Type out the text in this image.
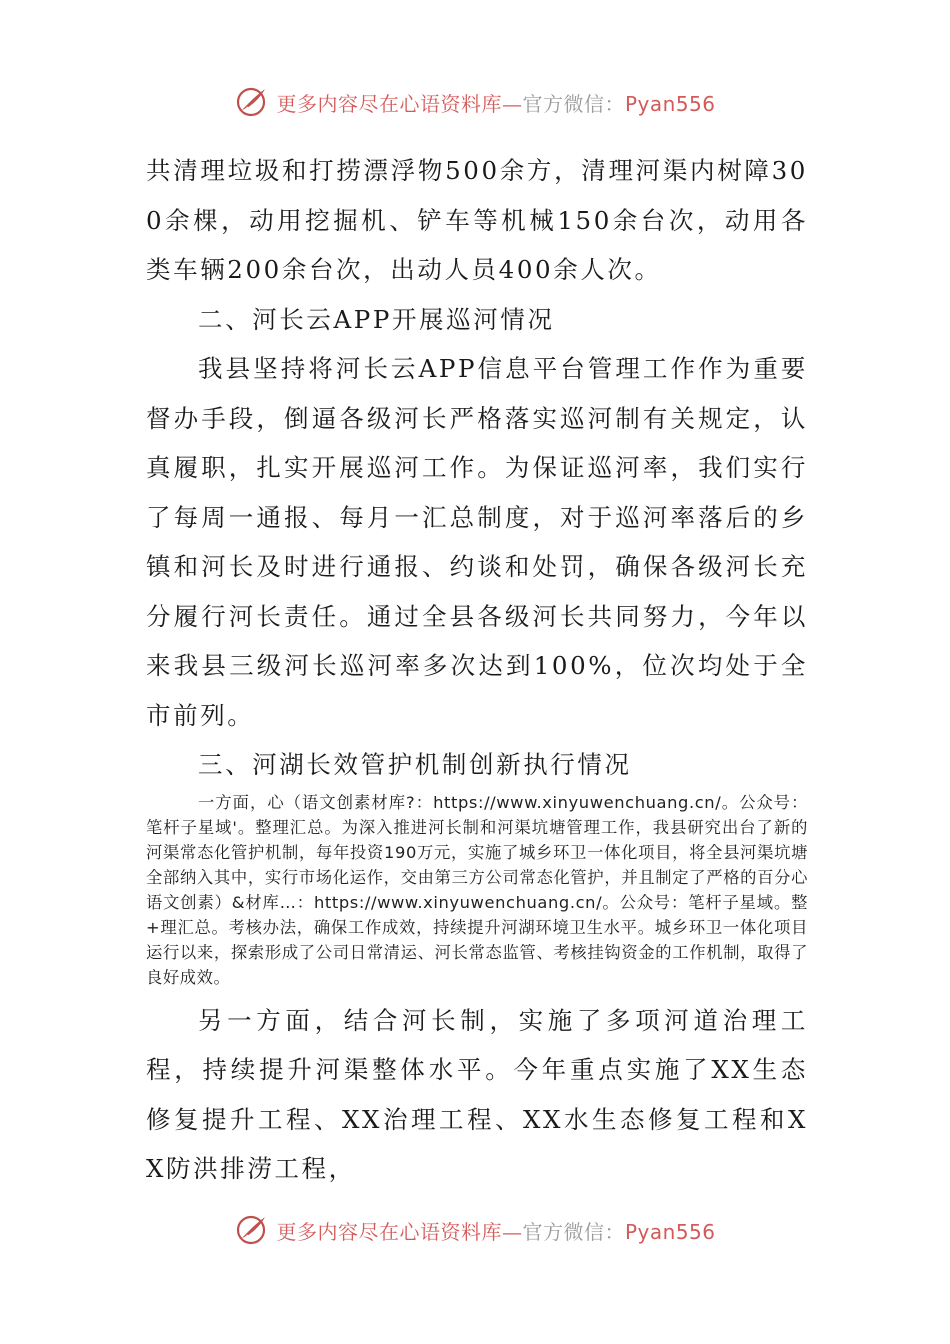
更多内容尽在心语资料库—官方微信：Pyan556

共清理垃圾和打捞漂浮物500余方，清理河渠内树障300余棵，动用挖掘机、铲车等机械150余台次，动用各类车辆200余台次，出动人员400余人次。

二、河长云APP开展巡河情况

我县坚持将河长云APP信息平台管理工作作为重要督办手段，倒逼各级河长严格落实巡河制有关规定，认真履职，扎实开展巡河工作。为保证巡河率，我们实行了每周一通报、每月一汇总制度，对于巡河率落后的乡镇和河长及时进行通报、约谈和处罚，确保各级河长充分履行河长责任。通过全县各级河长共同努力，今年以来我县三级河长巡河率多次达到100%，位次均处于全市前列。

三、河湖长效管护机制创新执行情况

一方面，心（语文创素材库?：https://www.xinyuwenchuang.cn/。公众号：笔杆子星域'。整理汇总。为深入推进河长制和河渠坑塘管理工作，我县研究出台了新的河渠常态化管护机制，每年投资190万元，实施了城乡环卫一体化项目，将全县河渠坑塘全部纳入其中，实行市场化运作，交由第三方公司常态化管护，并且制定了严格的百分心语文创素）&材库…：https://www.xinyuwenchuang.cn/。公众号：笔杆子星域。整+理汇总。考核办法，确保工作成效，持续提升河湖环境卫生水平。城乡环卫一体化项目运行以来，探索形成了公司日常清运、河长常态监管、考核挂钩资金的工作机制，取得了良好成效。

另一方面，结合河长制，实施了多项河道治理工程，持续提升河渠整体水平。今年重点实施了XX生态修复提升工程、XX治理工程、XX水生态修复工程和XX防洪排涝工程，

更多内容尽在心语资料库—官方微信：Pyan556
